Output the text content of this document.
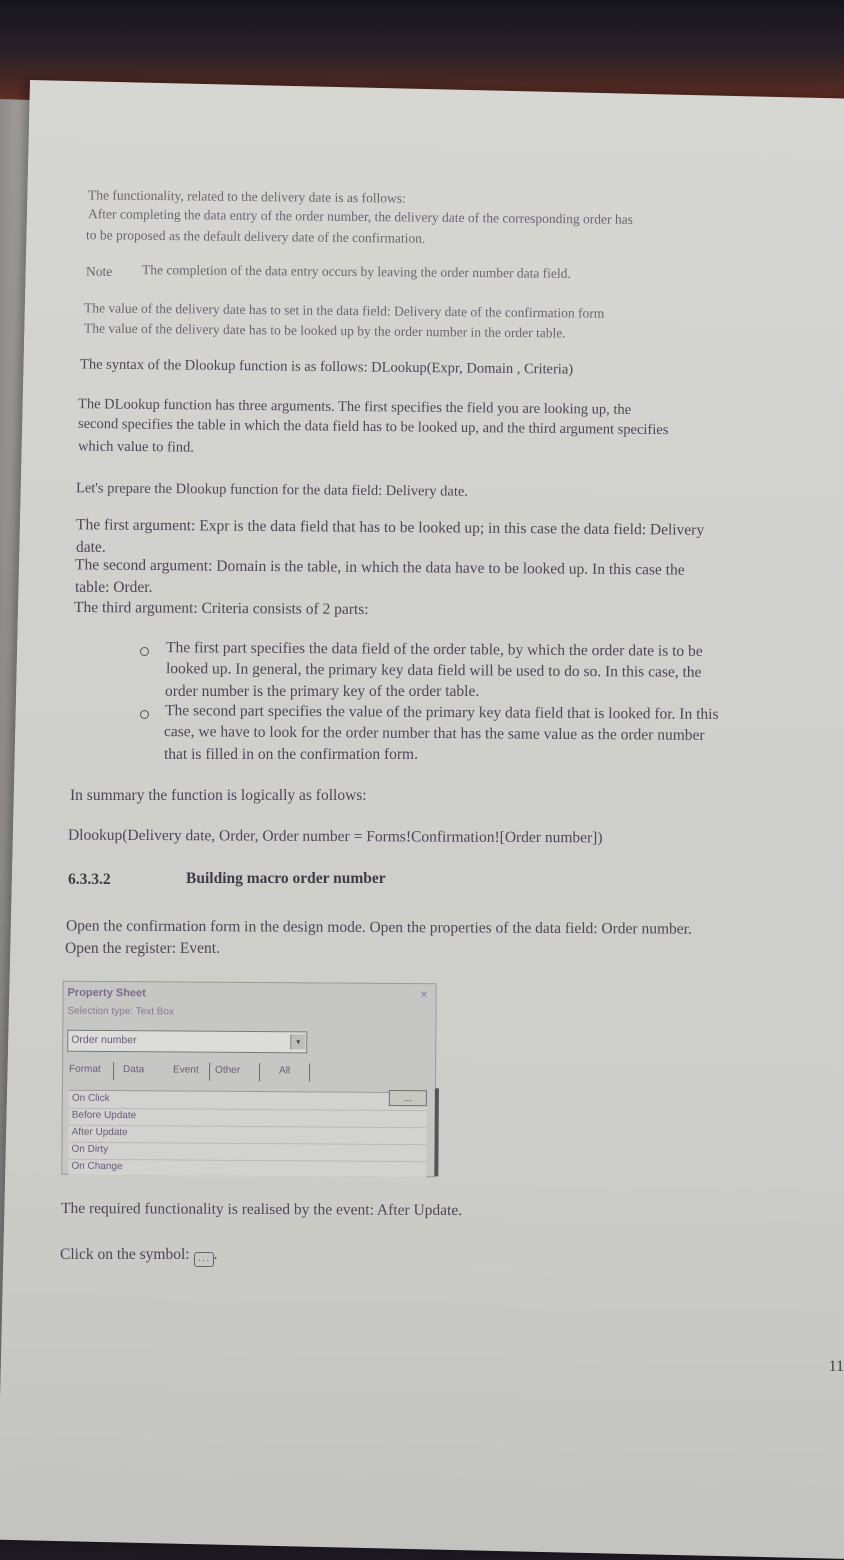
The functionality, related to the delivery date is as follows:
After completing the data entry of the order number, the delivery date of the corresponding order has
to be proposed as the default delivery date of the confirmation.
Note The completion of the data entry occurs by leaving the order number data field.
The value of the delivery date has to set in the data field: Delivery date of the confirmation form
The value of the delivery date has to be looked up by the order number in the order table.
The syntax of the Dlookup function is as follows: DLookup(Expr, Domain , Criteria)
The DLookup function has three arguments. The first specifies the field you are looking up, the
second specifies the table in which the data field has to be looked up, and the third argument specifies
which value to find.
Let's prepare the Dlookup function for the data field: Delivery date.
The first argument: Expr is the data field that has to be looked up; in this case the data field: Delivery
date.
The second argument: Domain is the table, in which the data have to be looked up. In this case the
table: Order.
The third argument: Criteria consists of 2 parts:
The first part specifies the data field of the order table, by which the order date is to be
looked up. In general, the primary key data field will be used to do so. In this case, the
order number is the primary key of the order table.
The second part specifies the value of the primary key data field that is looked for. In this
case, we have to look for the order number that has the same value as the order number
that is filled in on the confirmation form.
In summary the function is logically as follows:
Dlookup(Delivery date, Order, Order number = Forms!Confirmation![Order number])
6.3.3.2	Building macro order number
Open the confirmation form in the design mode. Open the properties of the data field: Order number.
Open the register: Event.
Property Sheet	×
Selection type: Text Box
Order number	▾
Format Data	Event Other	All
On Click
Before Update
After Update
On Dirty
On Change
...
The required functionality is realised by the event: After Update.
Click on the symbol: ... .
11
